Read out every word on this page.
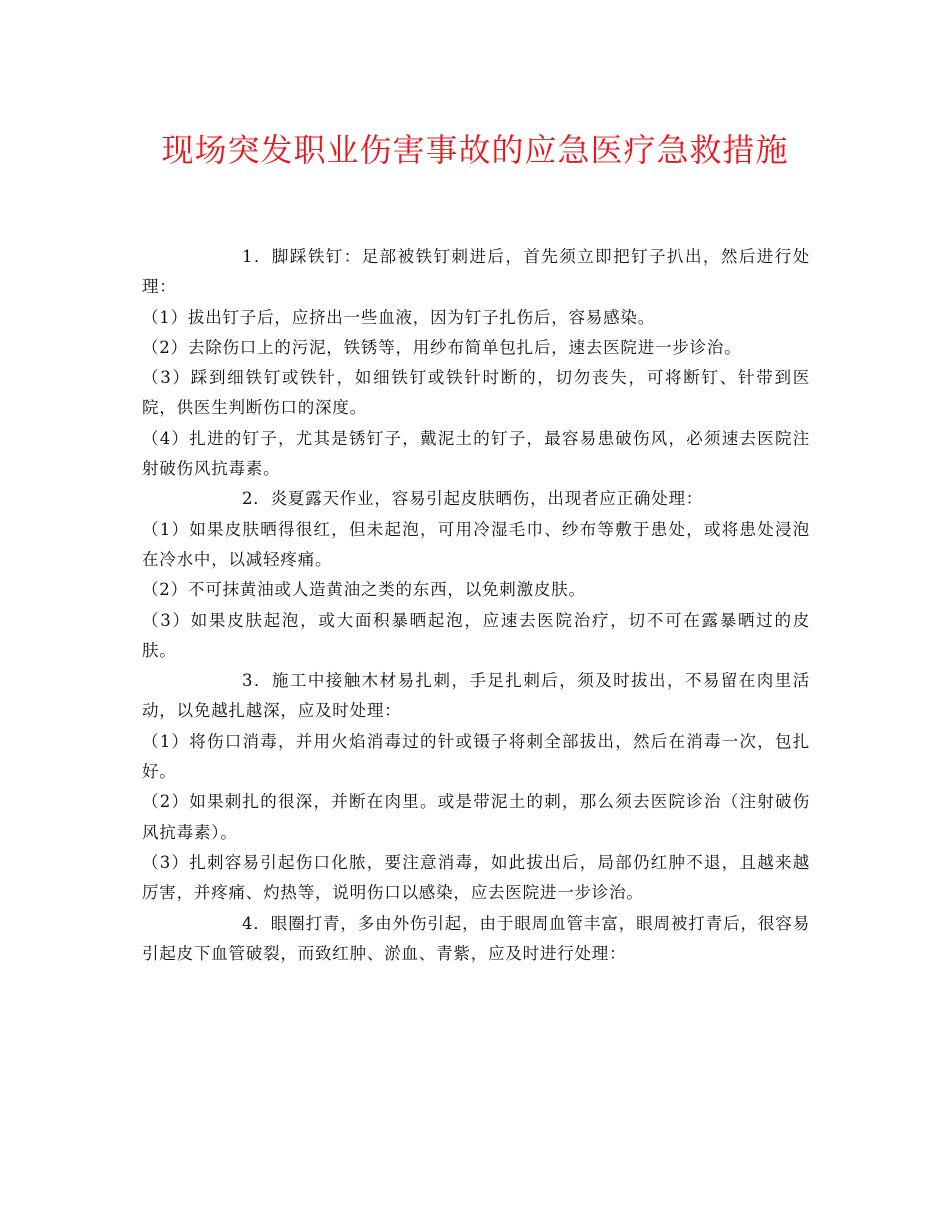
现场突发职业伤害事故的应急医疗急救措施

1．脚踩铁钉：足部被铁钉刺进后，首先须立即把钉子扒出，然后进行处理：

（1）拔出钉子后，应挤出一些血液，因为钉子扎伤后，容易感染。

（2）去除伤口上的污泥，铁锈等，用纱布简单包扎后，速去医院进一步诊治。

（3）踩到细铁钉或铁针，如细铁钉或铁针时断的，切勿丧失，可将断钉、针带到医院，供医生判断伤口的深度。

（4）扎进的钉子，尤其是锈钉子，戴泥土的钉子，最容易患破伤风，必须速去医院注射破伤风抗毒素。

2．炎夏露天作业，容易引起皮肤晒伤，出现者应正确处理：

（1）如果皮肤晒得很红，但未起泡，可用冷湿毛巾、纱布等敷于患处，或将患处浸泡在冷水中，以减轻疼痛。

（2）不可抹黄油或人造黄油之类的东西，以免刺激皮肤。

（3）如果皮肤起泡，或大面积暴晒起泡，应速去医院治疗，切不可在露暴晒过的皮肤。

3．施工中接触木材易扎刺，手足扎刺后，须及时拔出，不易留在肉里活动，以免越扎越深，应及时处理：

（1）将伤口消毒，并用火焰消毒过的针或镊子将刺全部拔出，然后在消毒一次，包扎好。

（2）如果刺扎的很深，并断在肉里。或是带泥土的刺，那么须去医院诊治（注射破伤风抗毒素）。

（3）扎刺容易引起伤口化脓，要注意消毒，如此拔出后，局部仍红肿不退，且越来越厉害，并疼痛、灼热等，说明伤口以感染，应去医院进一步诊治。

4．眼圈打青，多由外伤引起，由于眼周血管丰富，眼周被打青后，很容易引起皮下血管破裂，而致红肿、淤血、青紫，应及时进行处理：
